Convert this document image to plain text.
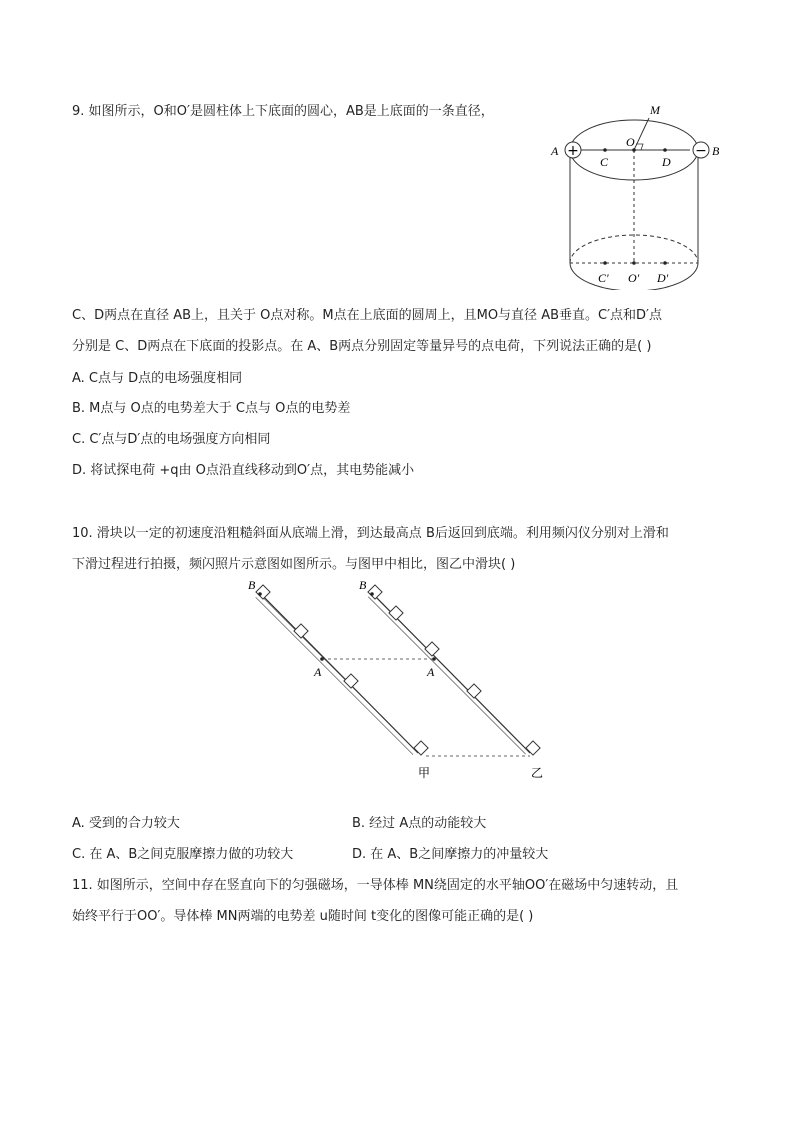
9. 如图所示，O和O′是圆柱体上下底面的圆心，AB是上底面的一条直径，
+	−
M
O
A	B
C	D
C′ O′ D′
C、D两点在直径 AB上，且关于 O点对称。M点在上底面的圆周上，且MO与直径 AB垂直。C′点和D′点
分别是 C、D两点在下底面的投影点。在 A、B两点分别固定等量异号的点电荷，下列说法正确的是( )
A. C点与 D点的电场强度相同
B. M点与 O点的电势差大于 C点与 O点的电势差
C. C′点与D′点的电场强度方向相同
D. 将试探电荷 +q由 O点沿直线移动到O′点，其电势能减小
10. 滑块以一定的初速度沿粗糙斜面从底端上滑，到达最高点 B后返回到底端。利用频闪仪分别对上滑和
下滑过程进行拍摄，频闪照片示意图如图所示。与图甲中相比，图乙中滑块( )
B
A
甲
B
A
乙
A. 受到的合力较大	B. 经过 A点的动能较大
C. 在 A、B之间克服摩擦力做的功较大	D. 在 A、B之间摩擦力的冲量较大
11. 如图所示，空间中存在竖直向下的匀强磁场，一导体棒 MN绕固定的水平轴OO′在磁场中匀速转动，且
始终平行于OO′。导体棒 MN两端的电势差 u随时间 t变化的图像可能正确的是( )
